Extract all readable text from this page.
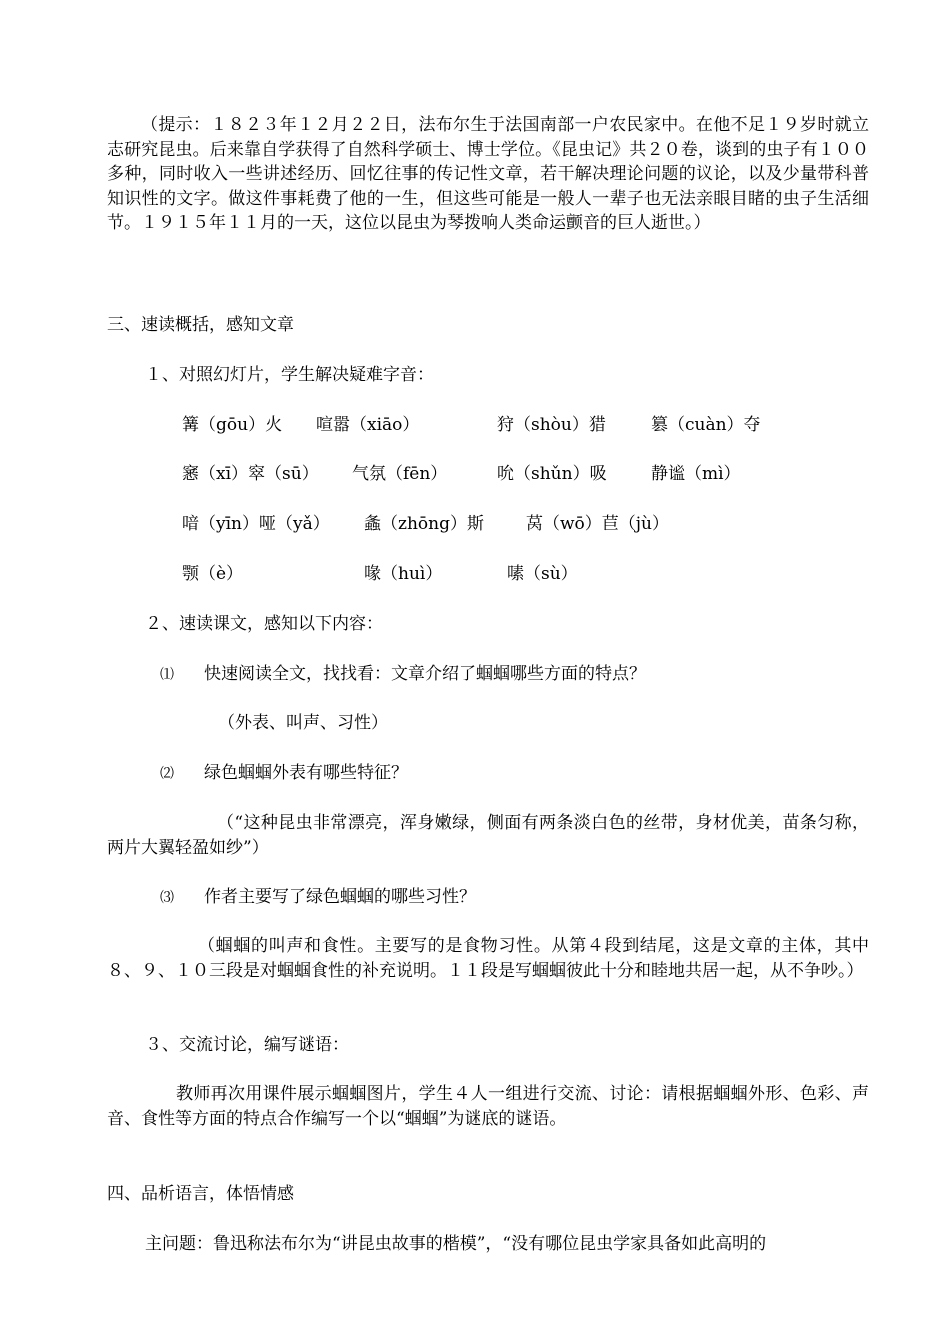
（提示：１８２３年１２月２２日，法布尔生于法国南部一户农民家中。在他不足１９岁时就立志研究昆虫。后来靠自学获得了自然科学硕士、博士学位。《昆虫记》共２０卷，谈到的虫子有１００多种，同时收入一些讲述经历、回忆往事的传记性文章，若干解决理论问题的议论，以及少量带科普知识性的文字。做这件事耗费了他的一生，但这些可能是一般人一辈子也无法亲眼目睹的虫子生活细节。１９１５年１１月的一天，这位以昆虫为琴拨响人类命运颤音的巨人逝世。）
三、速读概括，感知文章
１、对照幻灯片，学生解决疑难字音：
篝（gōu）火 喧嚣（xiāo）	狩（shòu）猎	篡（cuàn）夺
窸（xī）窣（sū） 气氛（fēn）	吮（shǔn）吸	静谧（mì）
喑（yīn）哑（yǎ） 螽（zhōng）斯 莴（wō）苣（jù）
颚（è）	喙（huì）	嗉（sù）
２、速读课文，感知以下内容：
⑴ 快速阅读全文，找找看：文章介绍了蝈蝈哪些方面的特点？
（外表、叫声、习性）
⑵ 绿色蝈蝈外表有哪些特征？
（“这种昆虫非常漂亮，浑身嫩绿，侧面有两条淡白色的丝带，身材优美，苗条匀称，两片大翼轻盈如纱”）
⑶ 作者主要写了绿色蝈蝈的哪些习性？
（蝈蝈的叫声和食性。主要写的是食物习性。从第４段到结尾，这是文章的主体，其中８、９、１０三段是对蝈蝈食性的补充说明。１１段是写蝈蝈彼此十分和睦地共居一起，从不争吵。）
３、交流讨论，编写谜语：
教师再次用课件展示蝈蝈图片，学生４人一组进行交流、讨论：请根据蝈蝈外形、色彩、声音、食性等方面的特点合作编写一个以“蝈蝈”为谜底的谜语。
四、品析语言，体悟情感
主问题：鲁迅称法布尔为“讲昆虫故事的楷模”，“没有哪位昆虫学家具备如此高明的
